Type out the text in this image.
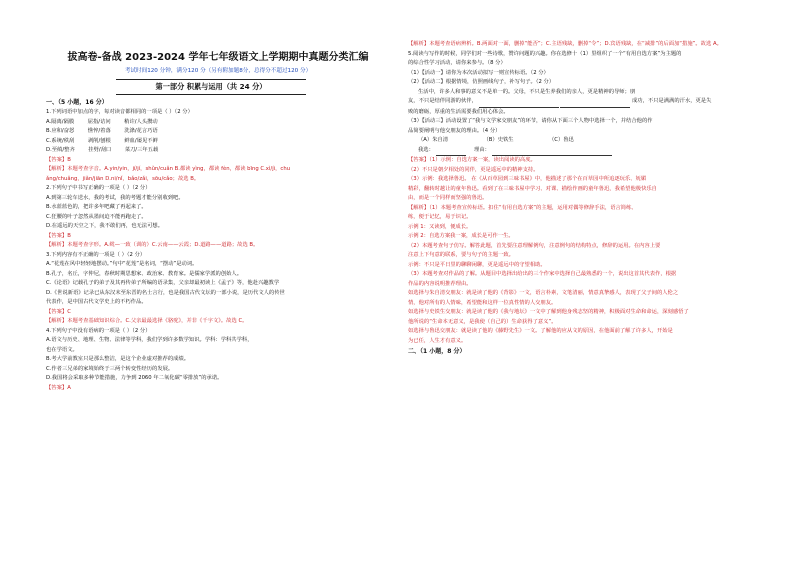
拔高卷-备战 2023-2024 学年七年级语文上学期期中真题分类汇编
考试时间120 分钟，满分120 分（另有附加题8分，总得分不超过120 分）
第一部分 积累与运用（共 24 分）
一、（5 小题，16 分）
1.下列词语中加点的字，每对读音都相同的一项是（ ）（2 分）
A.隔离/隔膜	屈指/诘问	稍许/人头攒动
B.应和/奋怒	憔悴/着落	洗涤/花言巧语
C.系统/秩刮	剥削/刨根	鲜血/屡见不鲜
D.至缜/整齐	挂劈/刮口	菜刀/三年五载
【答案】B
【解析】本题考查字音。A.yin/yin，jí/jí，shǔn/cuǎn B.都读 yìng，都读 fèn，都读 bīng C.xì/jì，chu
ǎng/chuǎng，jiǎn/jiān D.ni/nǐ，bǎo/zǎi，sōu/cǎo；故选 B。
2.下列句子中书写正确的一项是（ ）（2 分）
A.到第三轮车送水，我的考试，我的考题才能分别收到吧。
B.水蓝蓝色的，把许多年吧藏了再起来了。
C.狂腰的叶子忽然从墨间迫不能再跑走了。
D.在遥远的天空之下，我不敢们再，也无法可想。
【答案】B
【解析】本题考查字形。A.缆—一致（训的）C.云南——云霞；D.道路——道路；故选 B。
3.下列内容有不正确的一项是（ ）（2 分）
A.“花莲在风中轻轻地摆动。”句中“花莲”是名词，“摆动”是动词。
B.孔子，名丘，字仲尼，春秋时期思想家、政治家、教育家。是儒家学派的创始人。
C.《论语》记载孔子的弟子及其再传弟子所编的语录集，父亲却最初读上《孟子》等，他赴兴趣教学
D.《世说新语》记录已从东汉末至东晋的名士言行，也是我国古代文坛的一部小说，是历代文人的传世
代表作，是中国古代文学史上的不朽作品。
【答案】C
【解析】本题考查基础知识综合。C.父亲最最选择《骆驼》，并非《千字文》。故选 C。
4.下列句子中没有语病的一项是（ ）（2 分）
A.语文与历史、地理、生物、法律等学科，我们学到许多数学知识。学科：学科共学科，
也在学语文。
B.考大学前教室只是那么整洁，是这个企业虚对推荐的成绩。
C.作者三兄弟的家境始终于三两个转变性经历的发展。
D.我国将会采取多种节能措施，力争到 2060 年二氧化碳“零排放”的承诺。
【答案】A
【解析】本题考查语病辨析。B.两面对一面，删掉“能否”；C.主语残缺，删掉“令”；D.宾语残缺，在“减排”的后面加“措施”。故选 A。
5.阅读与写作的时候，同学们对一些诗歌，赞许问题的兴趣。你在选修十（1）里组织了一个“有用自选方案”为主题的
的综合性学习活动，请你来参与。（8 分）
（1）【活动一】请你为本次活动拟写一则宣传标语。（2 分）
（2）【活动二】根据情境，仿照画线句子，补写句子。（2 分）
生活中，许多人和事的意义不是单一的。父母，不只是生养我们的亲人，更是精神的导师；朋
友，不只是结伴同游的伙伴，	成功，不只是满满的汗水，更是失
败的磨砺，厚重的生活需要我们用心体会。
（3）【活动三】活动设置了“我与文学家交朋友”的环节，请你从下面三个人物中选择一个，并结合他的作
品简要阐明与他交朋友的理由。（4 分）
（A）朱自清	（B）史铁生	（C）鲁迅
我选：	理由：
【答案】（1）示例：自选方案一案，读出阅读的高度。
（2）不只是朝夕相处的同伴，更是遥远中的精神支持。
（3）示例：我选择鲁迅。 在《从百草园到三味书屋》中，他描述了那个在百草园中所追逐玩乐、妩媚
精彩，翻转时越让的童年鲁迅。看到了在三味书屋中学习、对课、描绘作画的童年鲁迅，我希望他极快乐自
由，而是一个同样而坚强的鲁迅。
【解析】（1）本题考查宣传标语。扣住“有用自选方案”的主题，运用对偶等修辞手法，语言简练、
练，便于记忆，易于识记。
示例 1：又读到，便成长。
示例 2：自选方案我一案，成长是可作一生。
（2）本题考查句子仿写。解答此题，首先要注意理解例句，注意例句的结构特点，修辞的运用。在内容上要
注意上下句意的联系，要与句子的主题一致。
示例：不只是平日里的聊聊闲聊，更是遥远中的守望相助。
（3）本题考查对作品的了解。从题目中选择出给出的三个作家中选择自己最熟悉的一个，说出这首其代表作，根据
作品的内容说明推荐理由。
如选择与朱自清交朋友：就是读了他的《背影》一文，语言朴素，文笔清丽，情意真挚感人，表现了父子间的人伦之
情，他对所有的人情味，希望能和这样一位真性情的人交朋友。
如选择与史铁生交朋友：就是读了他的《我与地坛》一文中了解到他身残志坚的精神，积极面对生命和命运，深刻感悟了
他所说的“生命本无意义，是我使（自己的）生命获得了意义”。
如选择与鲁迅交朋友：就是读了他的《藤野先生》一文。了解他的应从文的原因，在他面前了解了许多人，开始是
为已任，人生才有意义。
二、（1 小题，8 分）
